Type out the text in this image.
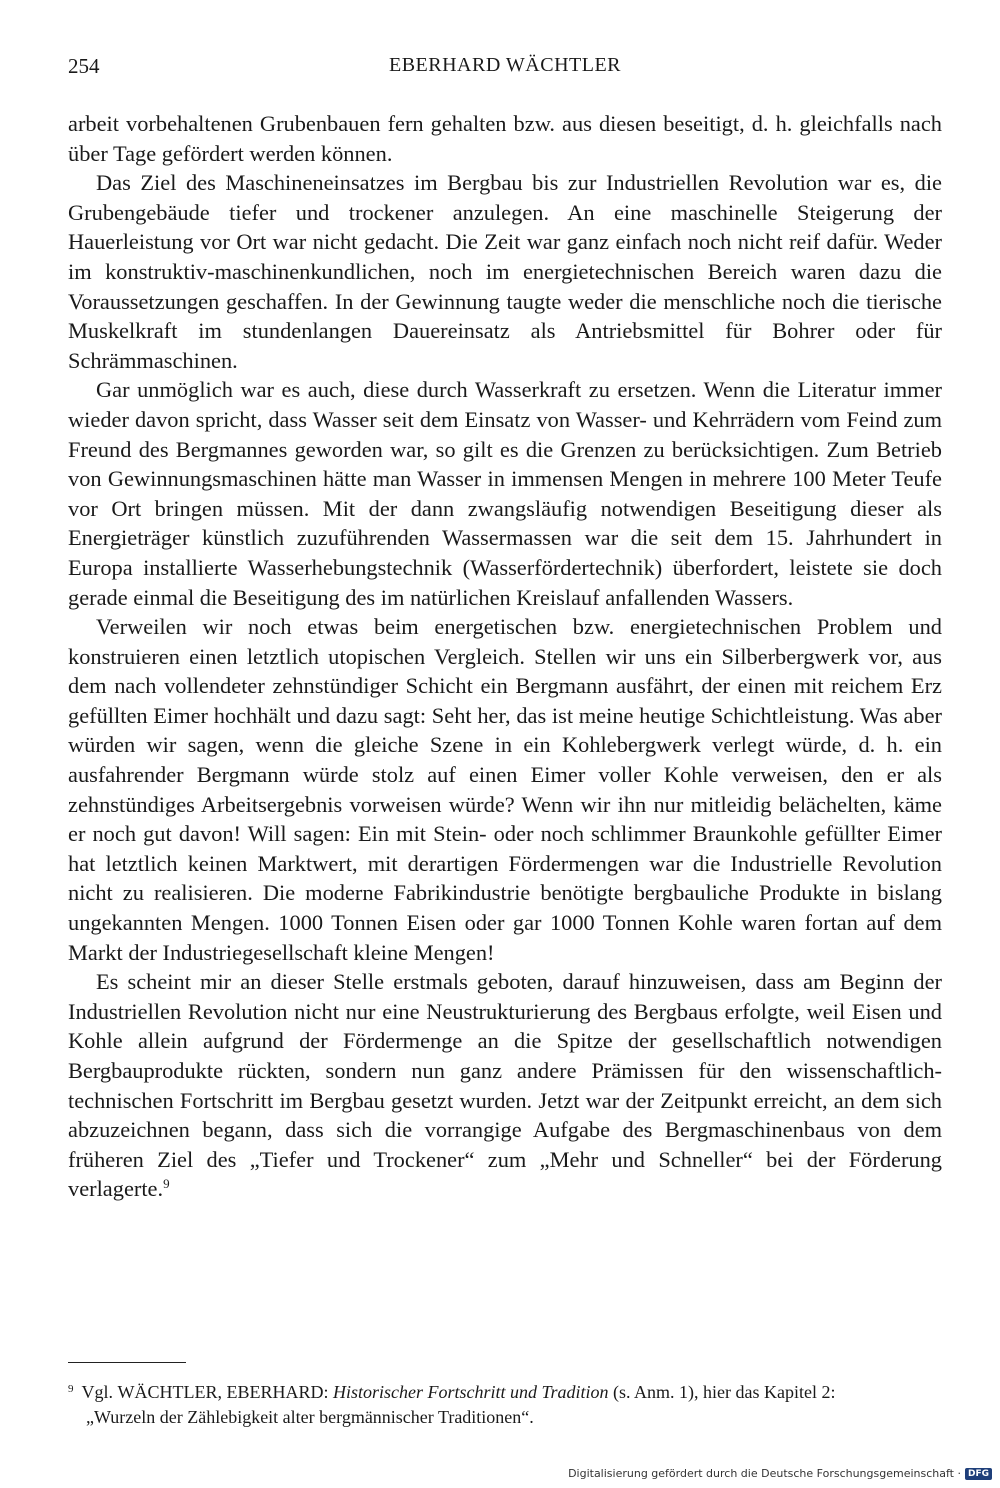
254	EBERHARD WÄCHTLER

arbeit vorbehaltenen Grubenbauen fern gehalten bzw. aus diesen beseitigt, d. h. gleichfalls nach über Tage gefördert werden können.

Das Ziel des Maschineneinsatzes im Bergbau bis zur Industriellen Revolution war es, die Grubengebäude tiefer und trockener anzulegen. An eine maschinelle Steigerung der Hauerleistung vor Ort war nicht gedacht. Die Zeit war ganz einfach noch nicht reif dafür. Weder im konstruktiv-maschinenkundlichen, noch im energietechnischen Bereich waren dazu die Voraussetzungen geschaffen. In der Gewinnung taugte weder die menschliche noch die tierische Muskelkraft im stundenlangen Dauereinsatz als Antriebsmittel für Bohrer oder für Schrämmaschinen.

Gar unmöglich war es auch, diese durch Wasserkraft zu ersetzen. Wenn die Literatur immer wieder davon spricht, dass Wasser seit dem Einsatz von Wasser- und Kehrrädern vom Feind zum Freund des Bergmannes geworden war, so gilt es die Grenzen zu berücksichtigen. Zum Betrieb von Gewinnungsmaschinen hätte man Wasser in immensen Mengen in mehrere 100 Meter Teufe vor Ort bringen müssen. Mit der dann zwangsläufig notwendigen Beseitigung dieser als Energieträger künstlich zuzuführenden Wassermassen war die seit dem 15. Jahrhundert in Europa installierte Wasserhebungstechnik (Wasserfördertechnik) überfordert, leistete sie doch gerade einmal die Beseitigung des im natürlichen Kreislauf anfallenden Wassers.

Verweilen wir noch etwas beim energetischen bzw. energietechnischen Problem und konstruieren einen letztlich utopischen Vergleich. Stellen wir uns ein Silberbergwerk vor, aus dem nach vollendeter zehnstündiger Schicht ein Bergmann ausfährt, der einen mit reichem Erz gefüllten Eimer hochhält und dazu sagt: Seht her, das ist meine heutige Schichtleistung. Was aber würden wir sagen, wenn die gleiche Szene in ein Kohlebergwerk verlegt würde, d. h. ein ausfahrender Bergmann würde stolz auf einen Eimer voller Kohle verweisen, den er als zehnstündiges Arbeitsergebnis vorweisen würde? Wenn wir ihn nur mitleidig belächelten, käme er noch gut davon! Will sagen: Ein mit Stein- oder noch schlimmer Braunkohle gefüllter Eimer hat letztlich keinen Marktwert, mit derartigen Fördermengen war die Industrielle Revolution nicht zu realisieren. Die moderne Fabrikindustrie benötigte bergbauliche Produkte in bislang ungekannten Mengen. 1000 Tonnen Eisen oder gar 1000 Tonnen Kohle waren fortan auf dem Markt der Industriegesellschaft kleine Mengen!

Es scheint mir an dieser Stelle erstmals geboten, darauf hinzuweisen, dass am Beginn der Industriellen Revolution nicht nur eine Neustrukturierung des Bergbaus erfolgte, weil Eisen und Kohle allein aufgrund der Fördermenge an die Spitze der gesellschaftlich notwendigen Bergbauprodukte rückten, sondern nun ganz andere Prämissen für den wissenschaftlich-technischen Fortschritt im Bergbau gesetzt wurden. Jetzt war der Zeitpunkt erreicht, an dem sich abzuzeichnen begann, dass sich die vorrangige Aufgabe des Bergmaschinenbaus von dem früheren Ziel des „Tiefer und Trockener“ zum „Mehr und Schneller“ bei der Förderung verlagerte.$^9$

$^9$ Vgl. WÄCHTLER, EBERHARD: Historischer Fortschritt und Tradition (s. Anm. 1), hier das Kapitel 2:
„Wurzeln der Zählebigkeit alter bergmännischer Traditionen“.
Digitalisierung gefördert durch die Deutsche Forschungsgemeinschaft · DFG
